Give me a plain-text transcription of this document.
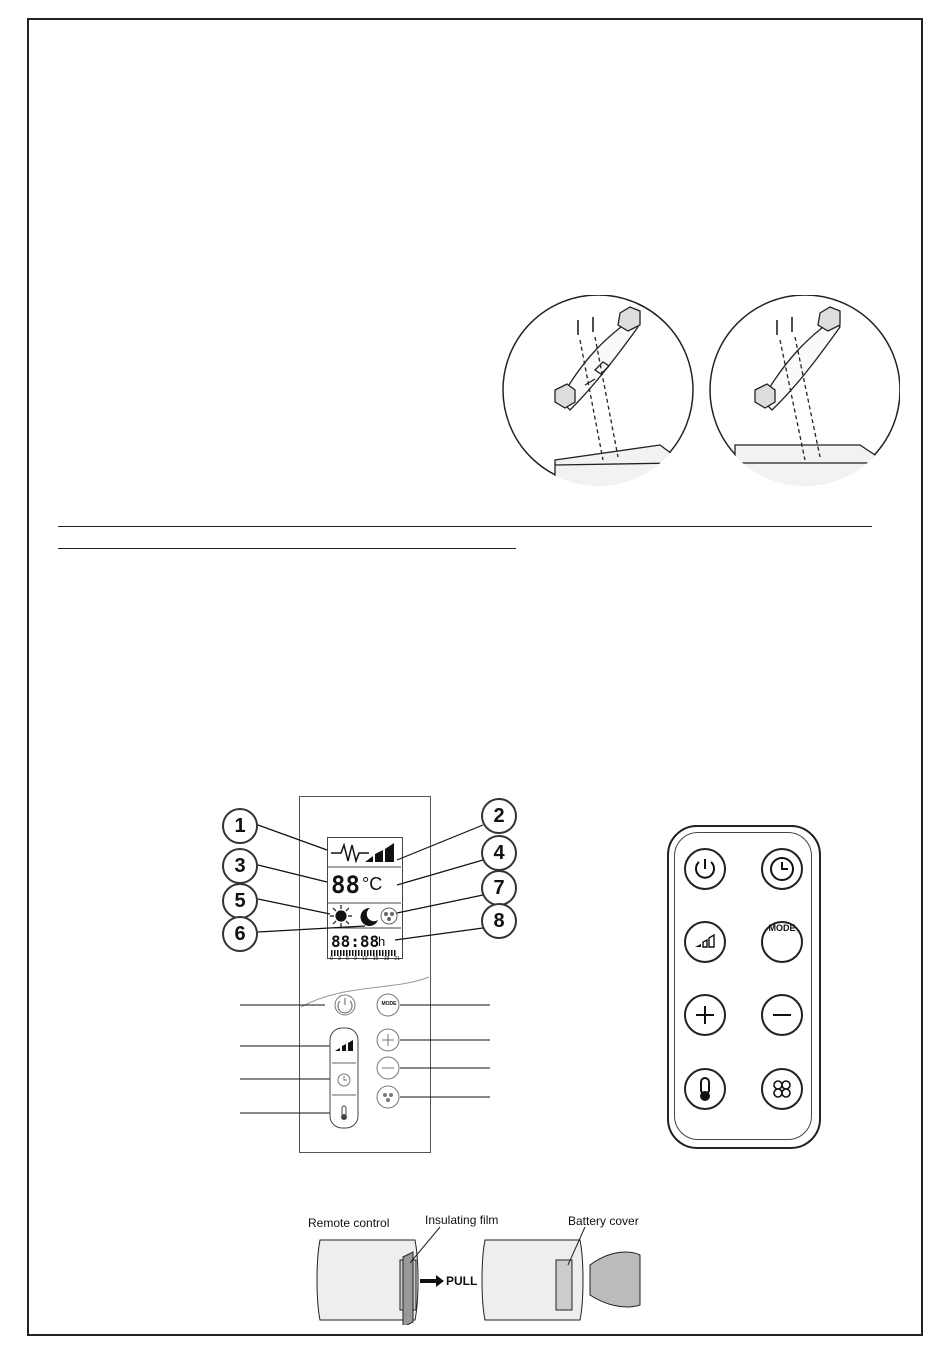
88 °C
88:88
h
0 3 6 9 12 15 18 21
MODE
1	2
3
4
5
6
7
8	MODE
Remote control	Insulating film	Battery cover
PULL
